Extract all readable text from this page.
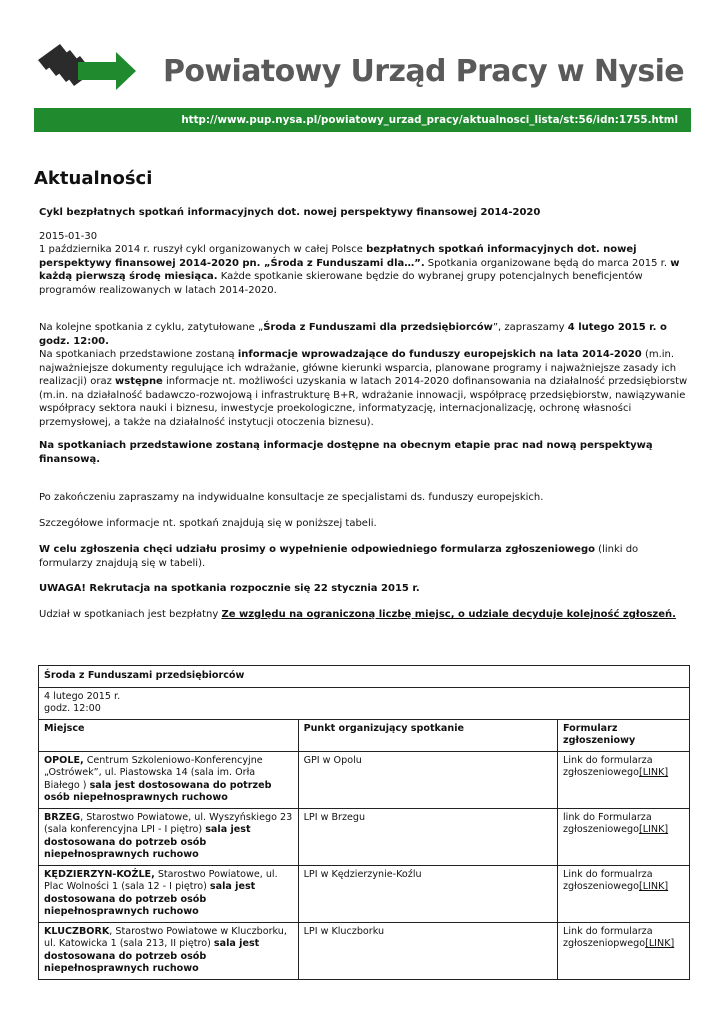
Powiatowy Urząd Pracy w Nysie
http://www.pup.nysa.pl/powiatowy_urzad_pracy/aktualnosci_lista/st:56/idn:1755.html
Aktualności
Cykl bezpłatnych spotkań informacyjnych dot. nowej perspektywy finansowej 2014-2020
2015-01-30
1 października 2014 r. ruszył cykl organizowanych w całej Polsce bezpłatnych spotkań informacyjnych dot. nowej perspektywy finansowej 2014-2020 pn. „Środa z Funduszami dla…”. Spotkania organizowane będą do marca 2015 r. w każdą pierwszą środę miesiąca. Każde spotkanie skierowane będzie do wybranej grupy potencjalnych beneficjentów programów realizowanych w latach 2014-2020.
Na kolejne spotkania z cyklu, zatytułowane „Środa z Funduszami dla przedsiębiorców”, zapraszamy 4 lutego 2015 r. o godz. 12:00.
Na spotkaniach przedstawione zostaną informacje wprowadzające do funduszy europejskich na lata 2014-2020 (m.in. najważniejsze dokumenty regulujące ich wdrażanie, główne kierunki wsparcia, planowane programy i najważniejsze zasady ich realizacji) oraz wstępne informacje nt. możliwości uzyskania w latach 2014-2020 dofinansowania na działalność przedsiębiorstw (m.in. na działalność badawczo-rozwojową i infrastrukturę B+R, wdrażanie innowacji, współpracę przedsiębiorstw, nawiązywanie współpracy sektora nauki i biznesu, inwestycje proekologiczne, informatyzację, internacjonalizację, ochronę własności przemysłowej, a także na działalność instytucji otoczenia biznesu).
Na spotkaniach przedstawione zostaną informacje dostępne na obecnym etapie prac nad nową perspektywą finansową.
Po zakończeniu zapraszamy na indywidualne konsultacje ze specjalistami ds. funduszy europejskich.
Szczegółowe informacje nt. spotkań znajdują się w poniższej tabeli.
W celu zgłoszenia chęci udziału prosimy o wypełnienie odpowiedniego formularza zgłoszeniowego (linki do formularzy znajdują się w tabeli).
UWAGA! Rekrutacja na spotkania rozpocznie się 22 stycznia 2015 r.
Udział w spotkaniach jest bezpłatny Ze względu na ograniczoną liczbę miejsc, o udziale decyduje kolejność zgłoszeń.
Środa z Funduszami przedsiębiorców		

4 lutego 2015 r.
godz. 12:00		

Miejsce	Punkt organizujący spotkanie	Formularz zgłoszeniowy
OPOLE, Centrum Szkoleniowo-Konferencyjne „Ostrówek”, ul. Piastowska 14 (sala im. Orła Białego ) sala jest dostosowana do potrzeb osób niepełnosprawnych ruchowo	GPI w Opolu	Link do formularza zgłoszeniowego[LINK]
BRZEG, Starostwo Powiatowe, ul. Wyszyńskiego 23 (sala konferencyjna LPI - I piętro) sala jest dostosowana do potrzeb osób niepełnosprawnych ruchowo	LPI w Brzegu	link do Formularza zgłoszeniowego[LINK]
KĘDZIERZYN-KOŹLE, Starostwo Powiatowe, ul. Plac Wolności 1 (sala 12 - I piętro) sala jest dostosowana do potrzeb osób niepełnosprawnych ruchowo	LPI w Kędzierzynie-Koźlu	Link do formualrza zgłoszeniowego[LINK]
KLUCZBORK, Starostwo Powiatowe w Kluczborku, ul. Katowicka 1 (sala 213, II piętro) sala jest dostosowana do potrzeb osób niepełnosprawnych ruchowo	LPI w Kluczborku	Link do formularza zgłoszeniopwego[LINK]
